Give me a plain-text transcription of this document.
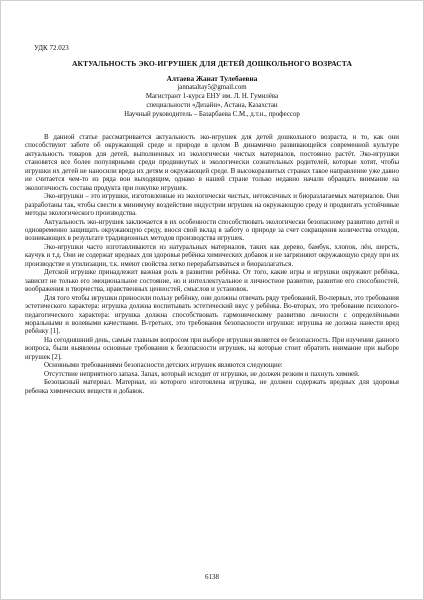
УДК 72.023
АКТУАЛЬНОСТЬ ЭКО-ИГРУШЕК ДЛЯ ДЕТЕЙ ДОШКОЛЬНОГО ВОЗРАСТА
Алтаева Жанат Тулебаевна
jannataltay5@gmail.com
Магистрант 1-курса ЕНУ им. Л. Н. Гумилёва
специальности «Дизайн», Астана, Казахстан
Научный руководитель – Базарбаева С.М., д.т.н., профессор

В данной статье рассматривается актуальность эко-игрушек для детей дошкольного возраста, и то, как они способствуют заботе об окружающей среде и природе в целом В динамично развивающейся современной культуре актуальность товаров для детей, выполненных из экологически чистых материалов, постоянно растёт. Эко-игрушки становятся все более популярными среди продвинутых и экологически сознательных родителей, которые хотят, чтобы игрушки их детей не наносили вреда их детям и окружающей среде. В высокоразвитых странах такое направление уже давно не считается чем-то из ряда вон выходящим, однако в нашей стране только недавно начали обращать внимание на экологичность состава продукта при покупке игрушек.

Эко-игрушки – это игрушки, изготовленные из экологически чистых, нетоксичных и биоразлагаемых материалов. Они разработаны так, чтобы свести к минимуму воздействие индустрии игрушек на окружающую среду и продвигать устойчивые методы экологического производства.

Актуальность эко-игрушек заключается в их особенности способствовать экологически безопасному развитию детей и одновременно защищать окружающую среду, внося свой вклад в заботу о природе за счет сокращения количества отходов, возникающих в результате традиционных методов производства игрушек.

Эко-игрушки часто изготавливаются из натуральных материалов, таких как дерево, бамбук, хлопок, лён, шерсть, каучук и т.д. Они не содержат вредных для здоровья ребёнка химических добавок и не загрязняют окружающую среду при их производстве и утилизации, т.к. имеют свойства легко перерабатываться и биоразлагаться.

Детской игрушке принадлежит важная роль в развитии ребёнка. От того, какие игры и игрушки окружают ребёнка, зависит не только его эмоциональное состояние, но и интеллектуальное и личностное развитие, развитие его способностей, воображения и творчества, нравственных ценностей, смыслов и установок.

Для того чтобы игрушки приносили пользу ребёнку, они должны отвечать ряду требований, Во-первых, это требования эстетического характера: игрушка должна воспитывать эстетический вкус у ребёнка. Во-вторых, это требование психолого-педагогического характера: игрушка должна способствовать гармоническому развитию личности с определёнными моральными и волевыми качествами. В-третьих, это требования безопасности игрушки: игрушка не должна нанести вред ребёнку [1].

На сегодняшний день, самым главным вопросом при выборе игрушки является ее безопасность. При изучении данного вопроса, были выявлены основные требования к безопасности игрушек, на которые стоит обратить внимание при выборе игрушек [2].

Основными требованиями безопасности детских игрушек являются следующие:

Отсутствие неприятного запаха. Запах, который исходит от игрушки, не должен резким и пахнуть химией.

Безопасный материал. Материал, из которого изготовлена игрушка, не должен содержать вредных для здоровья ребенка химических веществ и добавок.

6138
